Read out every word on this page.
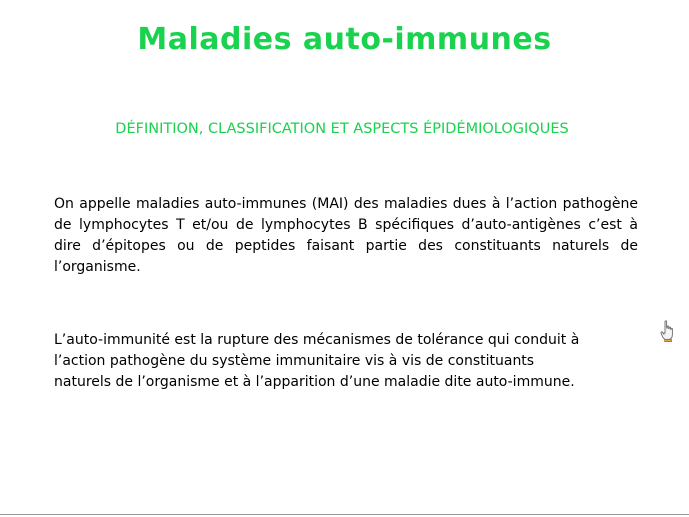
Maladies auto-immunes
DÉFINITION, CLASSIFICATION ET ASPECTS ÉPIDÉMIOLOGIQUES

On appelle maladies auto-immunes (MAI) des maladies dues à l’action pathogène de lymphocytes T et/ou de lymphocytes B spécifiques d’auto-antigènes c’est à dire d’épitopes ou de peptides faisant partie des constituants naturels de l’organisme.

L’auto-immunité est la rupture des mécanismes de tolérance qui conduit à
l’action pathogène du système immunitaire vis à vis de constituants
naturels de l’organisme et à l’apparition d’une maladie dite auto-immune.
